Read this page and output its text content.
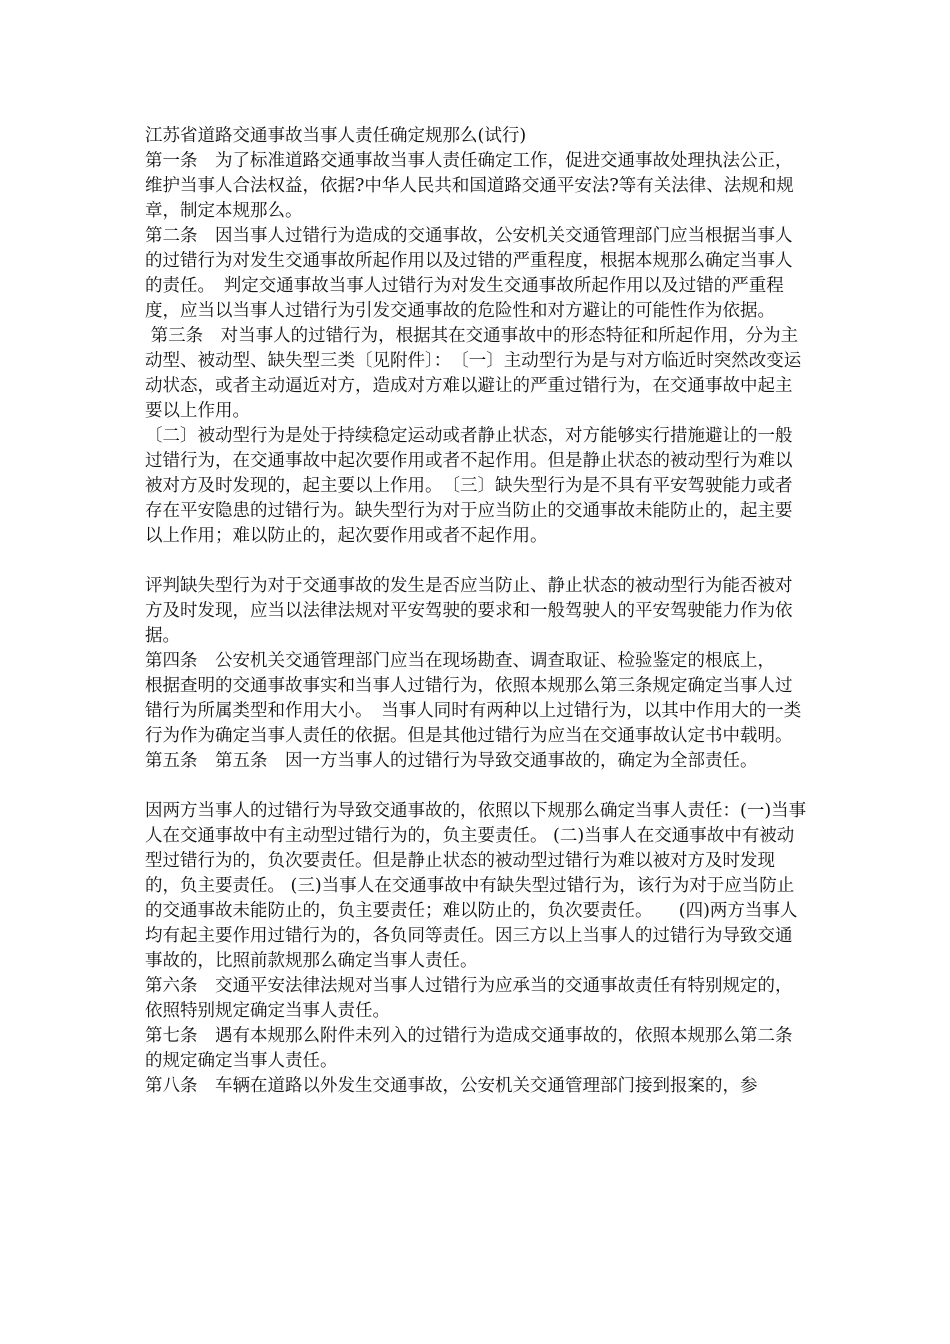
江苏省道路交通事故当事人责任确定规那么(试行)

第一条　为了标准道路交通事故当事人责任确定工作，促进交通事故处理执法公正，维护当事人合法权益，依据?中华人民共和国道路交通平安法?等有关法律、法规和规章，制定本规那么。

第二条　因当事人过错行为造成的交通事故，公安机关交通管理部门应当根据当事人的过错行为对发生交通事故所起作用以及过错的严重程度，根据本规那么确定当事人的责任。　判定交通事故当事人过错行为对发生交通事故所起作用以及过错的严重程度，应当以当事人过错行为引发交通事故的危险性和对方避让的可能性作为依据。

第三条　对当事人的过错行为，根据其在交通事故中的形态特征和所起作用，分为主动型、被动型、缺失型三类〔见附件〕：　〔一〕主动型行为是与对方临近时突然改变运动状态，或者主动逼近对方，造成对方难以避让的严重过错行为，在交通事故中起主要以上作用。

〔二〕被动型行为是处于持续稳定运动或者静止状态，对方能够实行措施避让的一般过错行为，在交通事故中起次要作用或者不起作用。但是静止状态的被动型行为难以被对方及时发现的，起主要以上作用。　〔三〕缺失型行为是不具有平安驾驶能力或者存在平安隐患的过错行为。缺失型行为对于应当防止的交通事故未能防止的，起主要以上作用；难以防止的，起次要作用或者不起作用。

评判缺失型行为对于交通事故的发生是否应当防止、静止状态的被动型行为能否被对方及时发现，应当以法律法规对平安驾驶的要求和一般驾驶人的平安驾驶能力作为依据。

第四条　公安机关交通管理部门应当在现场勘查、调查取证、检验鉴定的根底上，

根据查明的交通事故事实和当事人过错行为，依照本规那么第三条规定确定当事人过错行为所属类型和作用大小。　当事人同时有两种以上过错行为，以其中作用大的一类行为作为确定当事人责任的依据。但是其他过错行为应当在交通事故认定书中载明。

第五条　第五条　因一方当事人的过错行为导致交通事故的，确定为全部责任。

因两方当事人的过错行为导致交通事故的，依照以下规那么确定当事人责任：(一)当事人在交通事故中有主动型过错行为的，负主要责任。 (二)当事人在交通事故中有被动型过错行为的，负次要责任。但是静止状态的被动型过错行为难以被对方及时发现的，负主要责任。 (三)当事人在交通事故中有缺失型过错行为，该行为对于应当防止的交通事故未能防止的，负主要责任；难以防止的，负次要责任。　　(四)两方当事人均有起主要作用过错行为的，各负同等责任。因三方以上当事人的过错行为导致交通事故的，比照前款规那么确定当事人责任。

第六条　交通平安法律法规对当事人过错行为应承当的交通事故责任有特别规定的，依照特别规定确定当事人责任。

第七条　遇有本规那么附件未列入的过错行为造成交通事故的，依照本规那么第二条的规定确定当事人责任。

第八条　车辆在道路以外发生交通事故，公安机关交通管理部门接到报案的，参
